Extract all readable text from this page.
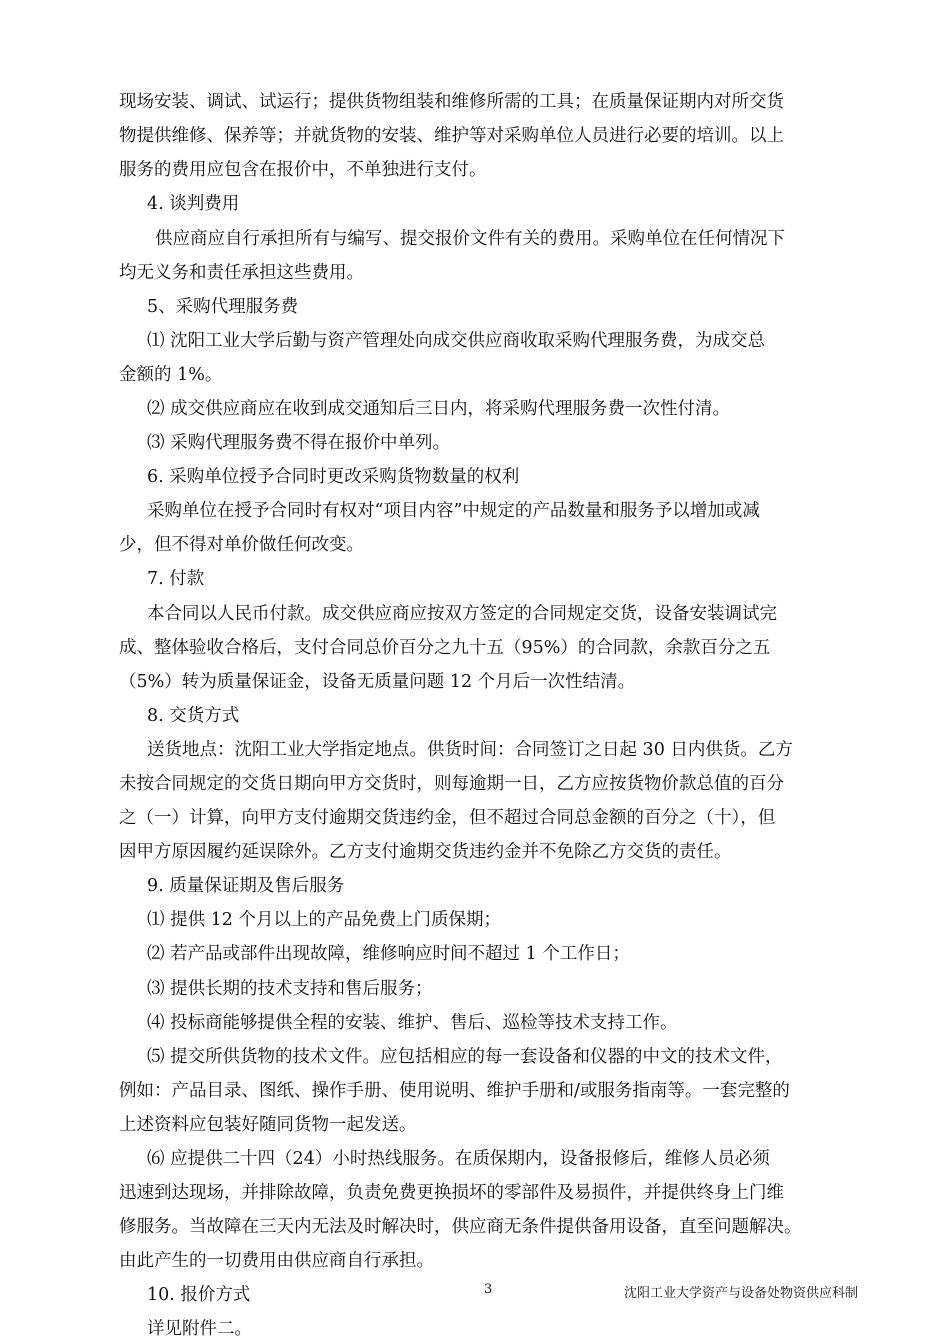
现场安装、调试、试运行；提供货物组装和维修所需的工具；在质量保证期内对所交货
物提供维修、保养等；并就货物的安装、维护等对采购单位人员进行必要的培训。以上
服务的费用应包含在报价中，不单独进行支付。
4. 谈判费用
供应商应自行承担所有与编写、提交报价文件有关的费用。采购单位在任何情况下
均无义务和责任承担这些费用。
5、采购代理服务费
⑴ 沈阳工业大学后勤与资产管理处向成交供应商收取采购代理服务费，为成交总
金额的 1%。
⑵ 成交供应商应在收到成交通知后三日内，将采购代理服务费一次性付清。
⑶ 采购代理服务费不得在报价中单列。
6. 采购单位授予合同时更改采购货物数量的权利
采购单位在授予合同时有权对“项目内容”中规定的产品数量和服务予以增加或减
少，但不得对单价做任何改变。
7. 付款
本合同以人民币付款。成交供应商应按双方签定的合同规定交货，设备安装调试完
成、整体验收合格后，支付合同总价百分之九十五（95%）的合同款，余款百分之五
（5%）转为质量保证金，设备无质量问题 12 个月后一次性结清。
8. 交货方式
送货地点：沈阳工业大学指定地点。供货时间：合同签订之日起 30 日内供货。乙方
未按合同规定的交货日期向甲方交货时，则每逾期一日，乙方应按货物价款总值的百分
之（一）计算，向甲方支付逾期交货违约金，但不超过合同总金额的百分之（十），但
因甲方原因履约延误除外。乙方支付逾期交货违约金并不免除乙方交货的责任。
9. 质量保证期及售后服务
⑴ 提供 12 个月以上的产品免费上门质保期；
⑵ 若产品或部件出现故障，维修响应时间不超过 1 个工作日；
⑶ 提供长期的技术支持和售后服务；
⑷ 投标商能够提供全程的安装、维护、售后、巡检等技术支持工作。
⑸ 提交所供货物的技术文件。应包括相应的每一套设备和仪器的中文的技术文件，
例如：产品目录、图纸、操作手册、使用说明、维护手册和/或服务指南等。一套完整的
上述资料应包装好随同货物一起发送。
⑹ 应提供二十四（24）小时热线服务。在质保期内，设备报修后，维修人员必须
迅速到达现场，并排除故障，负责免费更换损坏的零部件及易损件，并提供终身上门维
修服务。当故障在三天内无法及时解决时，供应商无条件提供备用设备，直至问题解决。
由此产生的一切费用由供应商自行承担。
10. 报价方式
详见附件二。
3	沈阳工业大学资产与设备处物资供应科制
